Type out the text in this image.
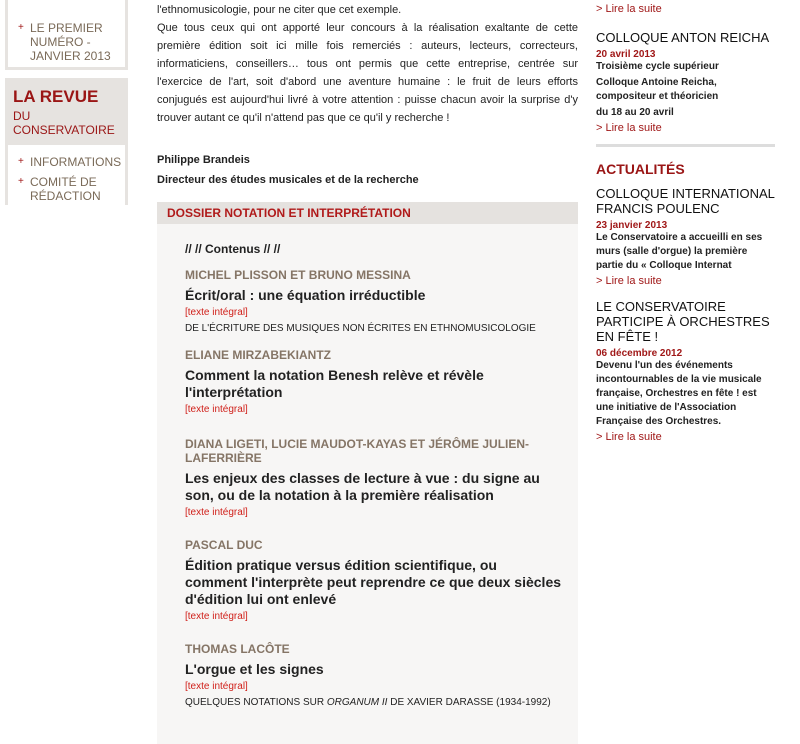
+ LE PREMIER NUMÉRO - JANVIER 2013
LA REVUE
DU CONSERVATOIRE
+ INFORMATIONS
+ COMITÉ DE RÉDACTION

l'ethnomusicologie, pour ne citer que cet exemple.

Que tous ceux qui ont apporté leur concours à la réalisation exaltante de cette première édition soit ici mille fois remerciés : auteurs, lecteurs, correcteurs, informaticiens, conseillers… tous ont permis que cette entreprise, centrée sur l'exercice de l'art, soit d'abord une aventure humaine : le fruit de leurs efforts conjugués est aujourd'hui livré à votre attention : puisse chacun avoir la surprise d'y trouver autant ce qu'il n'attend pas que ce qu'il y recherche !

Philippe Brandeis

Directeur des études musicales et de la recherche

DOSSIER NOTATION ET INTERPRÉTATION
// // Contenus // //
MICHEL PLISSON ET BRUNO MESSINA
Écrit/oral : une équation irréductible
[texte intégral]
DE L'ÉCRITURE DES MUSIQUES NON ÉCRITES EN ETHNOMUSICOLOGIE
ELIANE MIRZABEKIANTZ
Comment la notation Benesh relève et révèle l'interprétation
[texte intégral]
DIANA LIGETI, LUCIE MAUDOT-KAYAS ET JÉRÔME JULIEN-LAFERRIÈRE
Les enjeux des classes de lecture à vue : du signe au son, ou de la notation à la première réalisation
[texte intégral]
PASCAL DUC
Édition pratique versus édition scientifique, ou comment l'interprète peut reprendre ce que deux siècles d'édition lui ont enlevé
[texte intégral]
THOMAS LACÔTE
L'orgue et les signes
[texte intégral]
QUELQUES NOTATIONS SUR ORGANUM II DE XAVIER DARASSE (1934-1992)
> Lire la suite
COLLOQUE ANTON REICHA
20 avril 2013
Troisième cycle supérieur
Colloque Antoine Reicha, compositeur et théoricien
du 18 au 20 avril
> Lire la suite
ACTUALITÉS
COLLOQUE INTERNATIONAL FRANCIS POULENC
23 janvier 2013
Le Conservatoire a accueilli en ses murs (salle d'orgue) la première partie du « Colloque Internat
> Lire la suite
LE CONSERVATOIRE PARTICIPE À ORCHESTRES EN FÊTE !
06 décembre 2012
Devenu l'un des événements incontournables de la vie musicale française, Orchestres en fête ! est une initiative de l'Association Française des Orchestres.
> Lire la suite
